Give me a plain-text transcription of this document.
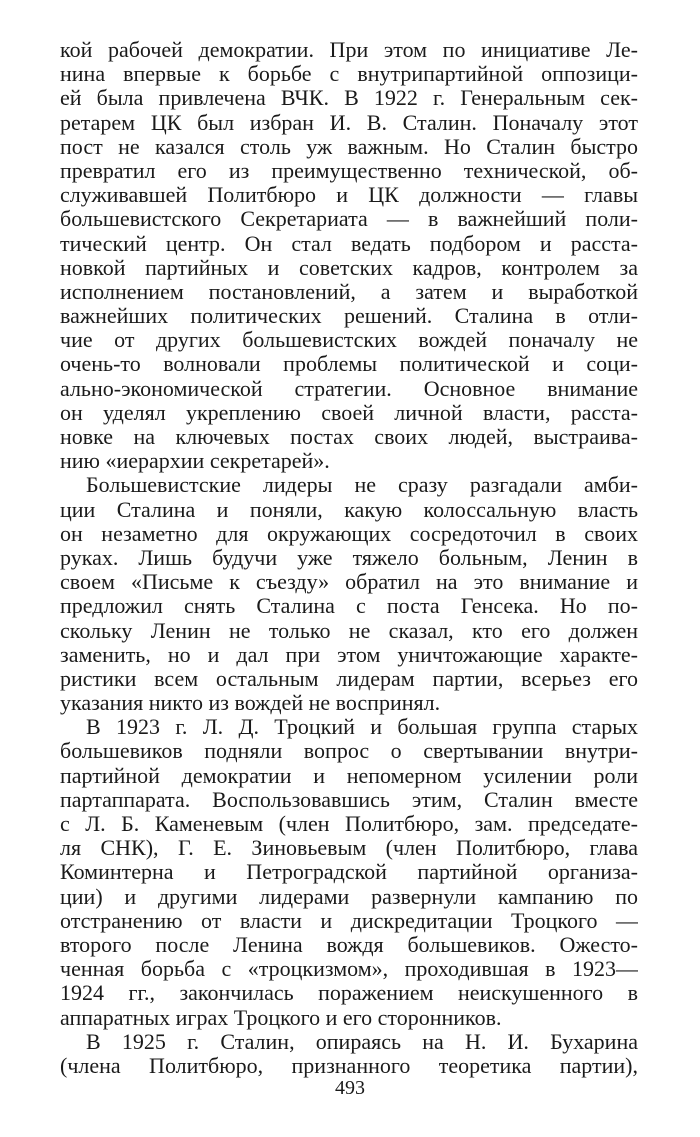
кой рабочей демократии. При этом по инициативе Ле-
нина впервые к борьбе с внутрипартийной оппозици-
ей была привлечена ВЧК. В 1922 г. Генеральным сек-
ретарем ЦК был избран И. В. Сталин. Поначалу этот
пост не казался столь уж важным. Но Сталин быстро
превратил его из преимущественно технической, об-
служивавшей Политбюро и ЦК должности — главы
большевистского Секретариата — в важнейший поли-
тический центр. Он стал ведать подбором и расста-
новкой партийных и советских кадров, контролем за
исполнением постановлений, а затем и выработкой
важнейших политических решений. Сталина в отли-
чие от других большевистских вождей поначалу не
очень-то волновали проблемы политической и соци-
ально-экономической стратегии. Основное внимание
он уделял укреплению своей личной власти, расста-
новке на ключевых постах своих людей, выстраива-
нию «иерархии секретарей».
Большевистские лидеры не сразу разгадали амби-
ции Сталина и поняли, какую колоссальную власть
он незаметно для окружающих сосредоточил в своих
руках. Лишь будучи уже тяжело больным, Ленин в
своем «Письме к съезду» обратил на это внимание и
предложил снять Сталина с поста Генсека. Но по-
скольку Ленин не только не сказал, кто его должен
заменить, но и дал при этом уничтожающие характе-
ристики всем остальным лидерам партии, всерьез его
указания никто из вождей не воспринял.
В 1923 г. Л. Д. Троцкий и большая группа старых
большевиков подняли вопрос о свертывании внутри-
партийной демократии и непомерном усилении роли
партаппарата. Воспользовавшись этим, Сталин вместе
с Л. Б. Каменевым (член Политбюро, зам. председате-
ля СНК), Г. Е. Зиновьевым (член Политбюро, глава
Коминтерна и Петроградской партийной организа-
ции) и другими лидерами развернули кампанию по
отстранению от власти и дискредитации Троцкого —
второго после Ленина вождя большевиков. Ожесто-
ченная борьба с «троцкизмом», проходившая в 1923—
1924 гг., закончилась поражением неискушенного в
аппаратных играх Троцкого и его сторонников.
В 1925 г. Сталин, опираясь на Н. И. Бухарина
(члена Политбюро, признанного теоретика партии),
493
